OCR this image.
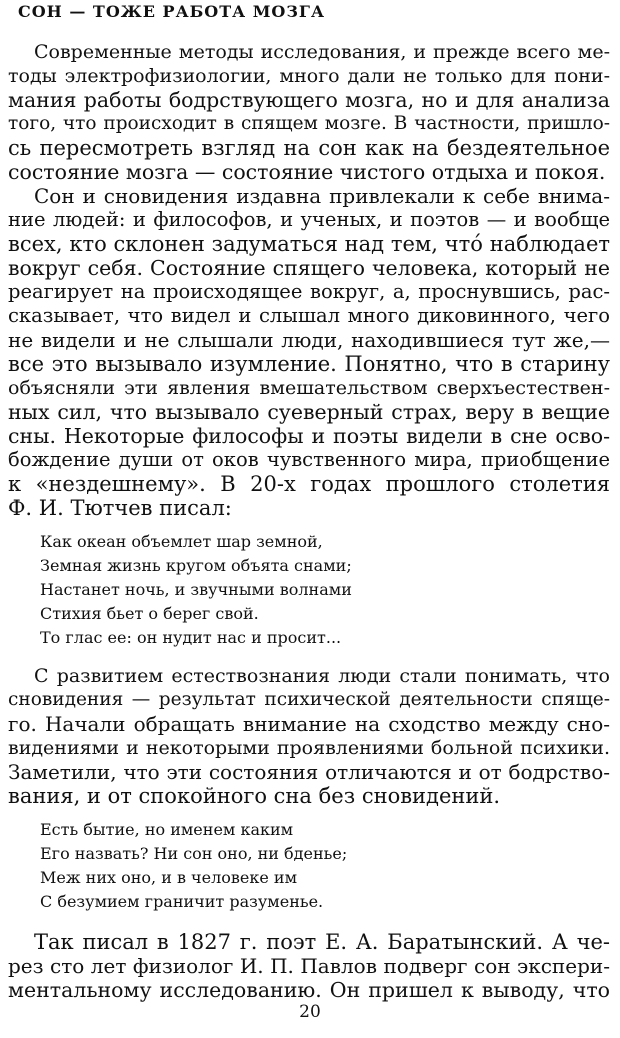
СОН — ТОЖЕ РАБОТА МОЗГА
Современные методы исследования, и прежде всего ме-
тоды электрофизиологии, много дали не только для пони-
мания работы бодрствующего мозга, но и для анализа
того, что происходит в спящем мозге. В частности, пришло-
сь пересмотреть взгляд на сон как на бездеятельное
состояние мозга — состояние чистого отдыха и покоя.
Сон и сновидения издавна привлекали к себе внима-
ние людей: и философов, и ученых, и поэтов — и вообще
всех, кто склонен задуматься над тем, что́ наблюдает
вокруг себя. Состояние спящего человека, который не
реагирует на происходящее вокруг, а, проснувшись, рас-
сказывает, что видел и слышал много диковинного, чего
не видели и не слышали люди, находившиеся тут же,—
все это вызывало изумление. Понятно, что в старину
объясняли эти явления вмешательством сверхъестествен-
ных сил, что вызывало суеверный страх, веру в вещие
сны. Некоторые философы и поэты видели в сне осво-
бождение души от оков чувственного мира, приобщение
к «нездешнему». В 20-х годах прошлого столетия
Ф. И. Тютчев писал:
Как океан объемлет шар земной,
Земная жизнь кругом объята снами;
Настанет ночь, и звучными волнами
Стихия бьет о берег свой.
То глас ее: он нудит нас и просит...
С развитием естествознания люди стали понимать, что
сновидения — результат психической деятельности спяще-
го. Начали обращать внимание на сходство между сно-
видениями и некоторыми проявлениями больной психики.
Заметили, что эти состояния отличаются и от бодрство-
вания, и от спокойного сна без сновидений.
Есть бытие, но именем каким
Его назвать? Ни сон оно, ни бденье;
Меж них оно, и в человеке им
С безумием граничит разуменье.
Так писал в 1827 г. поэт Е. А. Баратынский. А че-
рез сто лет физиолог И. П. Павлов подверг сон экспери-
ментальному исследованию. Он пришел к выводу, что
20
